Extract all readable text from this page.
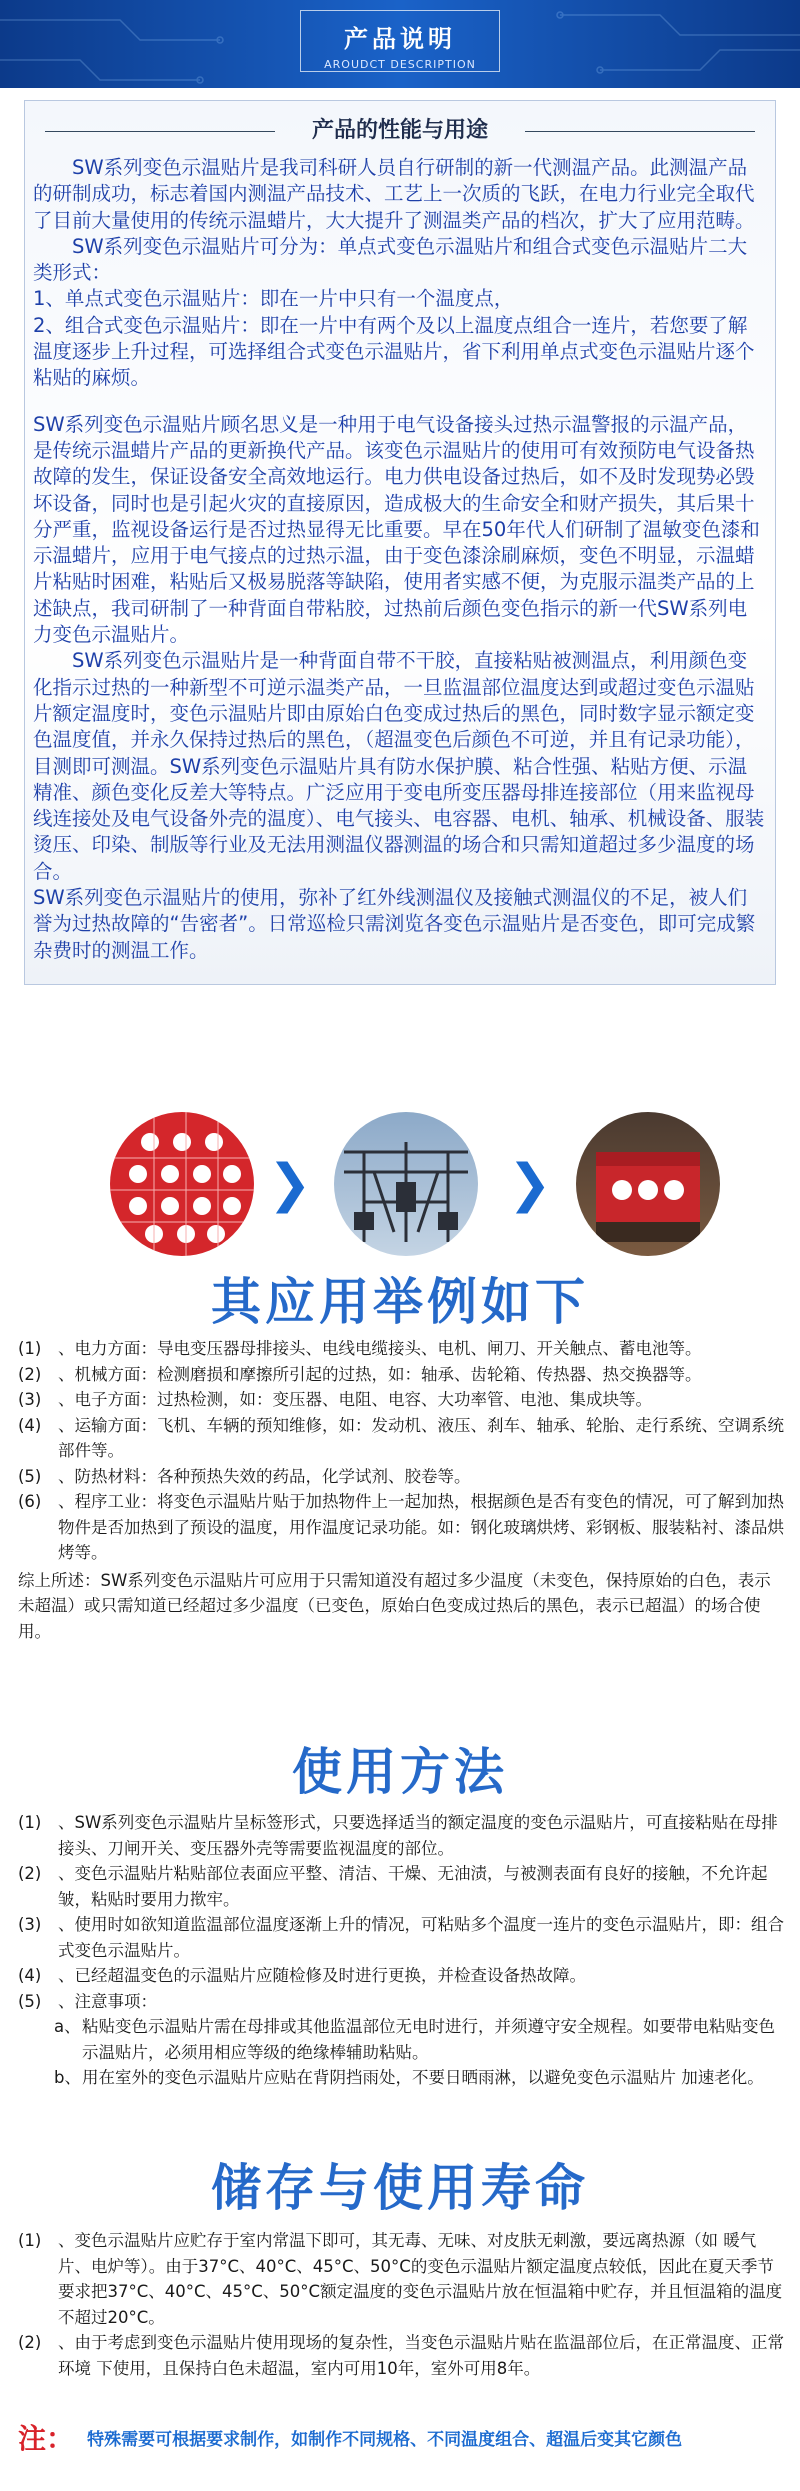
产品说明
AROUDCT DESCRIPTION
产品的性能与用途

　　SW系列变色示温贴片是我司科研人员自行研制的新一代测温产品。此测温产品的研制成功，标志着国内测温产品技术、工艺上一次质的飞跃，在电力行业完全取代了目前大量使用的传统示温蜡片，大大提升了测温类产品的档次，扩大了应用范畴。

　　SW系列变色示温贴片可分为：单点式变色示温贴片和组合式变色示温贴片二大类形式：

1、单点式变色示温贴片：即在一片中只有一个温度点，

2、组合式变色示温贴片：即在一片中有两个及以上温度点组合一连片，若您要了解温度逐步上升过程，可选择组合式变色示温贴片，省下利用单点式变色示温贴片逐个粘贴的麻烦。

SW系列变色示温贴片顾名思义是一种用于电气设备接头过热示温警报的示温产品，是传统示温蜡片产品的更新换代产品。该变色示温贴片的使用可有效预防电气设备热故障的发生，保证设备安全高效地运行。电力供电设备过热后，如不及时发现势必毁坏设备，同时也是引起火灾的直接原因，造成极大的生命安全和财产损失，其后果十分严重，监视设备运行是否过热显得无比重要。早在50年代人们研制了温敏变色漆和示温蜡片，应用于电气接点的过热示温，由于变色漆涂刷麻烦，变色不明显，示温蜡片粘贴时困难，粘贴后又极易脱落等缺陷，使用者实感不便，为克服示温类产品的上述缺点，我司研制了一种背面自带粘胶，过热前后颜色变色指示的新一代SW系列电力变色示温贴片。

　　SW系列变色示温贴片是一种背面自带不干胶，直接粘贴被测温点，利用颜色变化指示过热的一种新型不可逆示温类产品，一旦监温部位温度达到或超过变色示温贴片额定温度时，变色示温贴片即由原始白色变成过热后的黑色，同时数字显示额定变色温度值，并永久保持过热后的黑色，（超温变色后颜色不可逆，并且有记录功能），目测即可测温。SW系列变色示温贴片具有防水保护膜、粘合性强、粘贴方便、示温精准、颜色变化反差大等特点。广泛应用于变电所变压器母排连接部位（用来监视母线连接处及电气设备外壳的温度）、电气接头、电容器、电机、轴承、机械设备、服装烫压、印染、制版等行业及无法用测温仪器测温的场合和只需知道超过多少温度的场合。

SW系列变色示温贴片的使用，弥补了红外线测温仪及接触式测温仪的不足，被人们誉为过热故障的“告密者”。日常巡检只需浏览各变色示温贴片是否变色，即可完成繁杂费时的测温工作。

❯	❯
其应用举例如下
(1) 、电力方面：导电变压器母排接头、电线电缆接头、电机、闸刀、开关触点、蓄电池等。
(2) 、机械方面：检测磨损和摩擦所引起的过热，如：轴承、齿轮箱、传热器、热交换器等。
(3) 、电子方面：过热检测，如：变压器、电阻、电容、大功率管、电池、集成块等。
(4) 、运输方面：飞机、车辆的预知维修，如：发动机、液压、刹车、轴承、轮胎、走行系统、空调系统　部件等。
(5) 、防热材料：各种预热失效的药品，化学试剂、胶卷等。
(6) 、程序工业：将变色示温贴片贴于加热物件上一起加热，根据颜色是否有变色的情况，可了解到加热 物件是否加热到了预设的温度，用作温度记录功能。如：钢化玻璃烘烤、彩钢板、服装粘衬、漆品烘烤等。
综上所述：SW系列变色示温贴片可应用于只需知道没有超过多少温度（未变色，保持原始的白色，表示未超温）或只需知道已经超过多少温度（已变色，原始白色变成过热后的黑色，表示已超温）的场合使用。
使用方法
(1) 、SW系列变色示温贴片呈标签形式，只要选择适当的额定温度的变色示温贴片，可直接粘贴在母排接头、刀闸开关、变压器外壳等需要监视温度的部位。
(2) 、变色示温贴片粘贴部位表面应平整、清洁、干燥、无油渍，与被测表面有良好的接触，不允许起皱，粘贴时要用力揿牢。
(3) 、使用时如欲知道监温部位温度逐渐上升的情况，可粘贴多个温度一连片的变色示温贴片，即：组合式变色示温贴片。
(4) 、已经超温变色的示温贴片应随检修及时进行更换，并检查设备热故障。
(5) 、注意事项：
a、 粘贴变色示温贴片需在母排或其他监温部位无电时进行，并须遵守安全规程。如要带电粘贴变色示温贴片，必须用相应等级的绝缘棒辅助粘贴。
b、 用在室外的变色示温贴片应贴在背阴挡雨处，不要日晒雨淋，以避免变色示温贴片 加速老化。
储存与使用寿命
(1) 、变色示温贴片应贮存于室内常温下即可，其无毒、无味、对皮肤无刺激，要远离热源（如 暖气片、电炉等）。由于37°C、40°C、45°C、50°C的变色示温贴片额定温度点较低，因此在夏天季节要求把37°C、40°C、45°C、50°C额定温度的变色示温贴片放在恒温箱中贮存，并且恒温箱的温度不超过20°C。
(2) 、由于考虑到变色示温贴片使用现场的复杂性，当变色示温贴片贴在监温部位后，在正常温度、正常环境 下使用，且保持白色未超温，室内可用10年，室外可用8年。
注： 特殊需要可根据要求制作，如制作不同规格、不同温度组合、超温后变其它颜色
